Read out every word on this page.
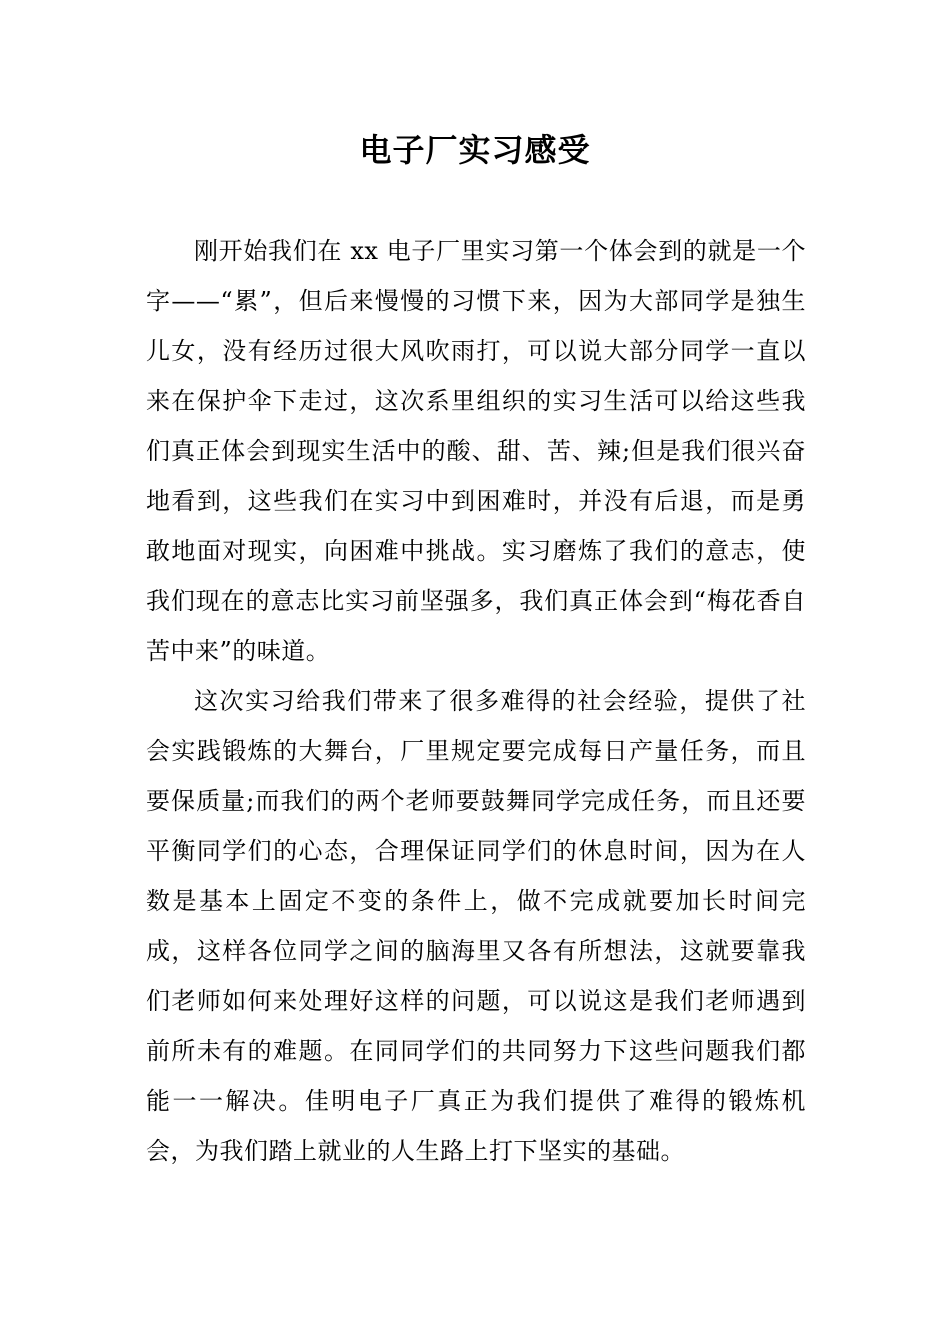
电子厂实习感受

刚开始我们在 xx 电子厂里实习第一个体会到的就是一个字——“累”，但后来慢慢的习惯下来，因为大部同学是独生儿女，没有经历过很大风吹雨打，可以说大部分同学一直以来在保护伞下走过，这次系里组织的实习生活可以给这些我们真正体会到现实生活中的酸、甜、苦、辣;但是我们很兴奋地看到，这些我们在实习中到困难时，并没有后退，而是勇敢地面对现实，向困难中挑战。实习磨炼了我们的意志，使我们现在的意志比实习前坚强多，我们真正体会到“梅花香自苦中来”的味道。

这次实习给我们带来了很多难得的社会经验，提供了社会实践锻炼的大舞台，厂里规定要完成每日产量任务，而且要保质量;而我们的两个老师要鼓舞同学完成任务，而且还要平衡同学们的心态，合理保证同学们的休息时间，因为在人数是基本上固定不变的条件上，做不完成就要加长时间完成，这样各位同学之间的脑海里又各有所想法，这就要靠我们老师如何来处理好这样的问题，可以说这是我们老师遇到前所未有的难题。在同同学们的共同努力下这些问题我们都能一一解决。佳明电子厂真正为我们提供了难得的锻炼机会，为我们踏上就业的人生路上打下坚实的基础。
